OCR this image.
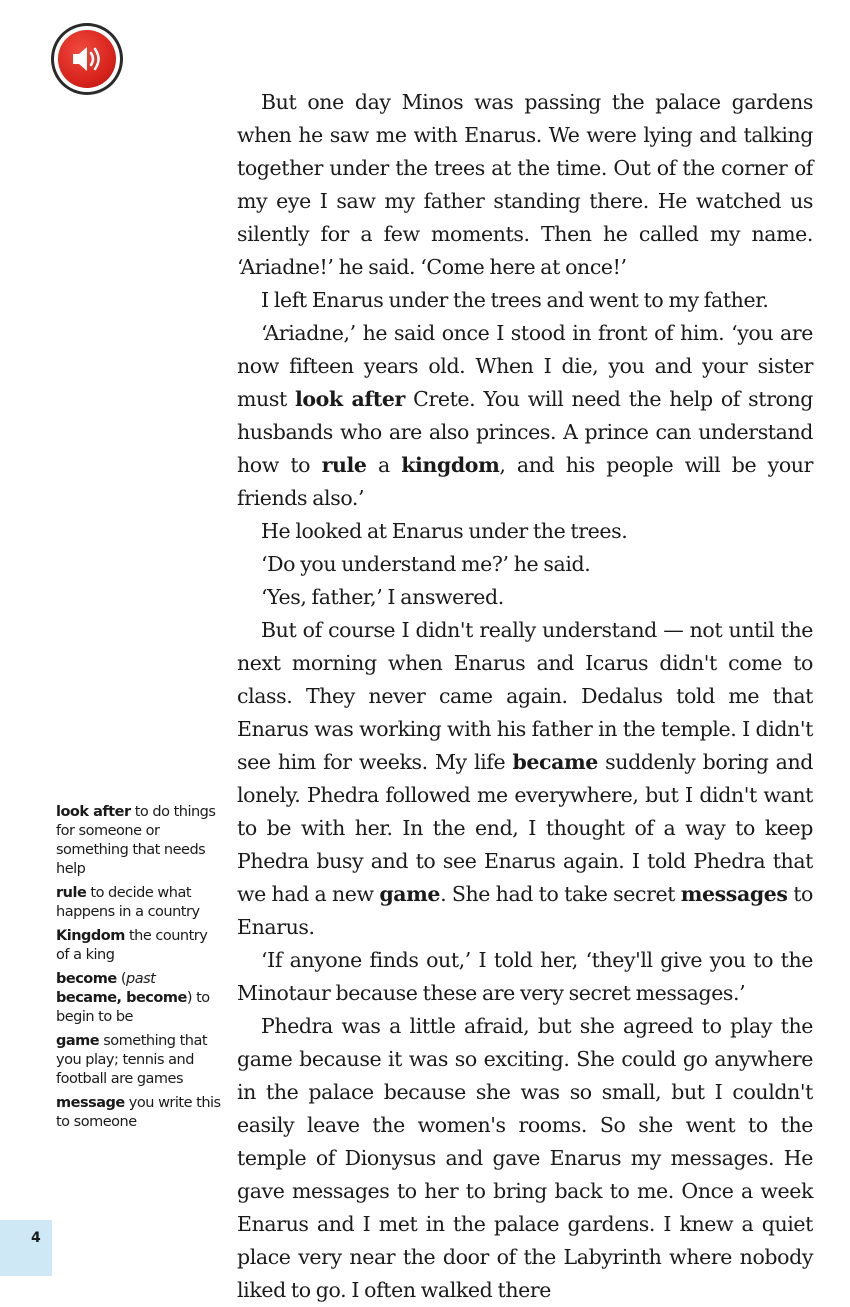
But one day Minos was passing the palace gardens when he saw me with Enarus. We were lying and talking together under the trees at the time. Out of the corner of my eye I saw my father standing there. He watched us silently for a few moments. Then he called my name. ‘Ariadne!’ he said. ‘Come here at once!’

I left Enarus under the trees and went to my father.

‘Ariadne,’ he said once I stood in front of him. ‘you are now fifteen years old. When I die, you and your sister must look after Crete. You will need the help of strong husbands who are also princes. A prince can understand how to rule a kingdom, and his people will be your friends also.’

He looked at Enarus under the trees.

‘Do you understand me?’ he said.

‘Yes, father,’ I answered.

But of course I didn't really understand — not until the next morning when Enarus and Icarus didn't come to class. They never came again. Dedalus told me that Enarus was working with his father in the temple. I didn't see him for weeks. My life became suddenly boring and lonely. Phedra followed me everywhere, but I didn't want to be with her. In the end, I thought of a way to keep Phedra busy and to see Enarus again. I told Phedra that we had a new game. She had to take secret messages to Enarus.

‘If anyone finds out,’ I told her, ‘they'll give you to the Minotaur because these are very secret messages.’

Phedra was a little afraid, but she agreed to play the game because it was so exciting. She could go anywhere in the palace because she was so small, but I couldn't easily leave the women's rooms. So she went to the temple of Dionysus and gave Enarus my messages. He gave messages to her to bring back to me. Once a week Enarus and I met in the palace gardens. I knew a quiet place very near the door of the Labyrinth where nobody liked to go. I often walked there

look after to do things for someone or something that needs help
rule to decide what happens in a country
Kingdom the country of a king
become (past became, become) to begin to be
game something that you play; tennis and football are games
message you write this to someone
4
